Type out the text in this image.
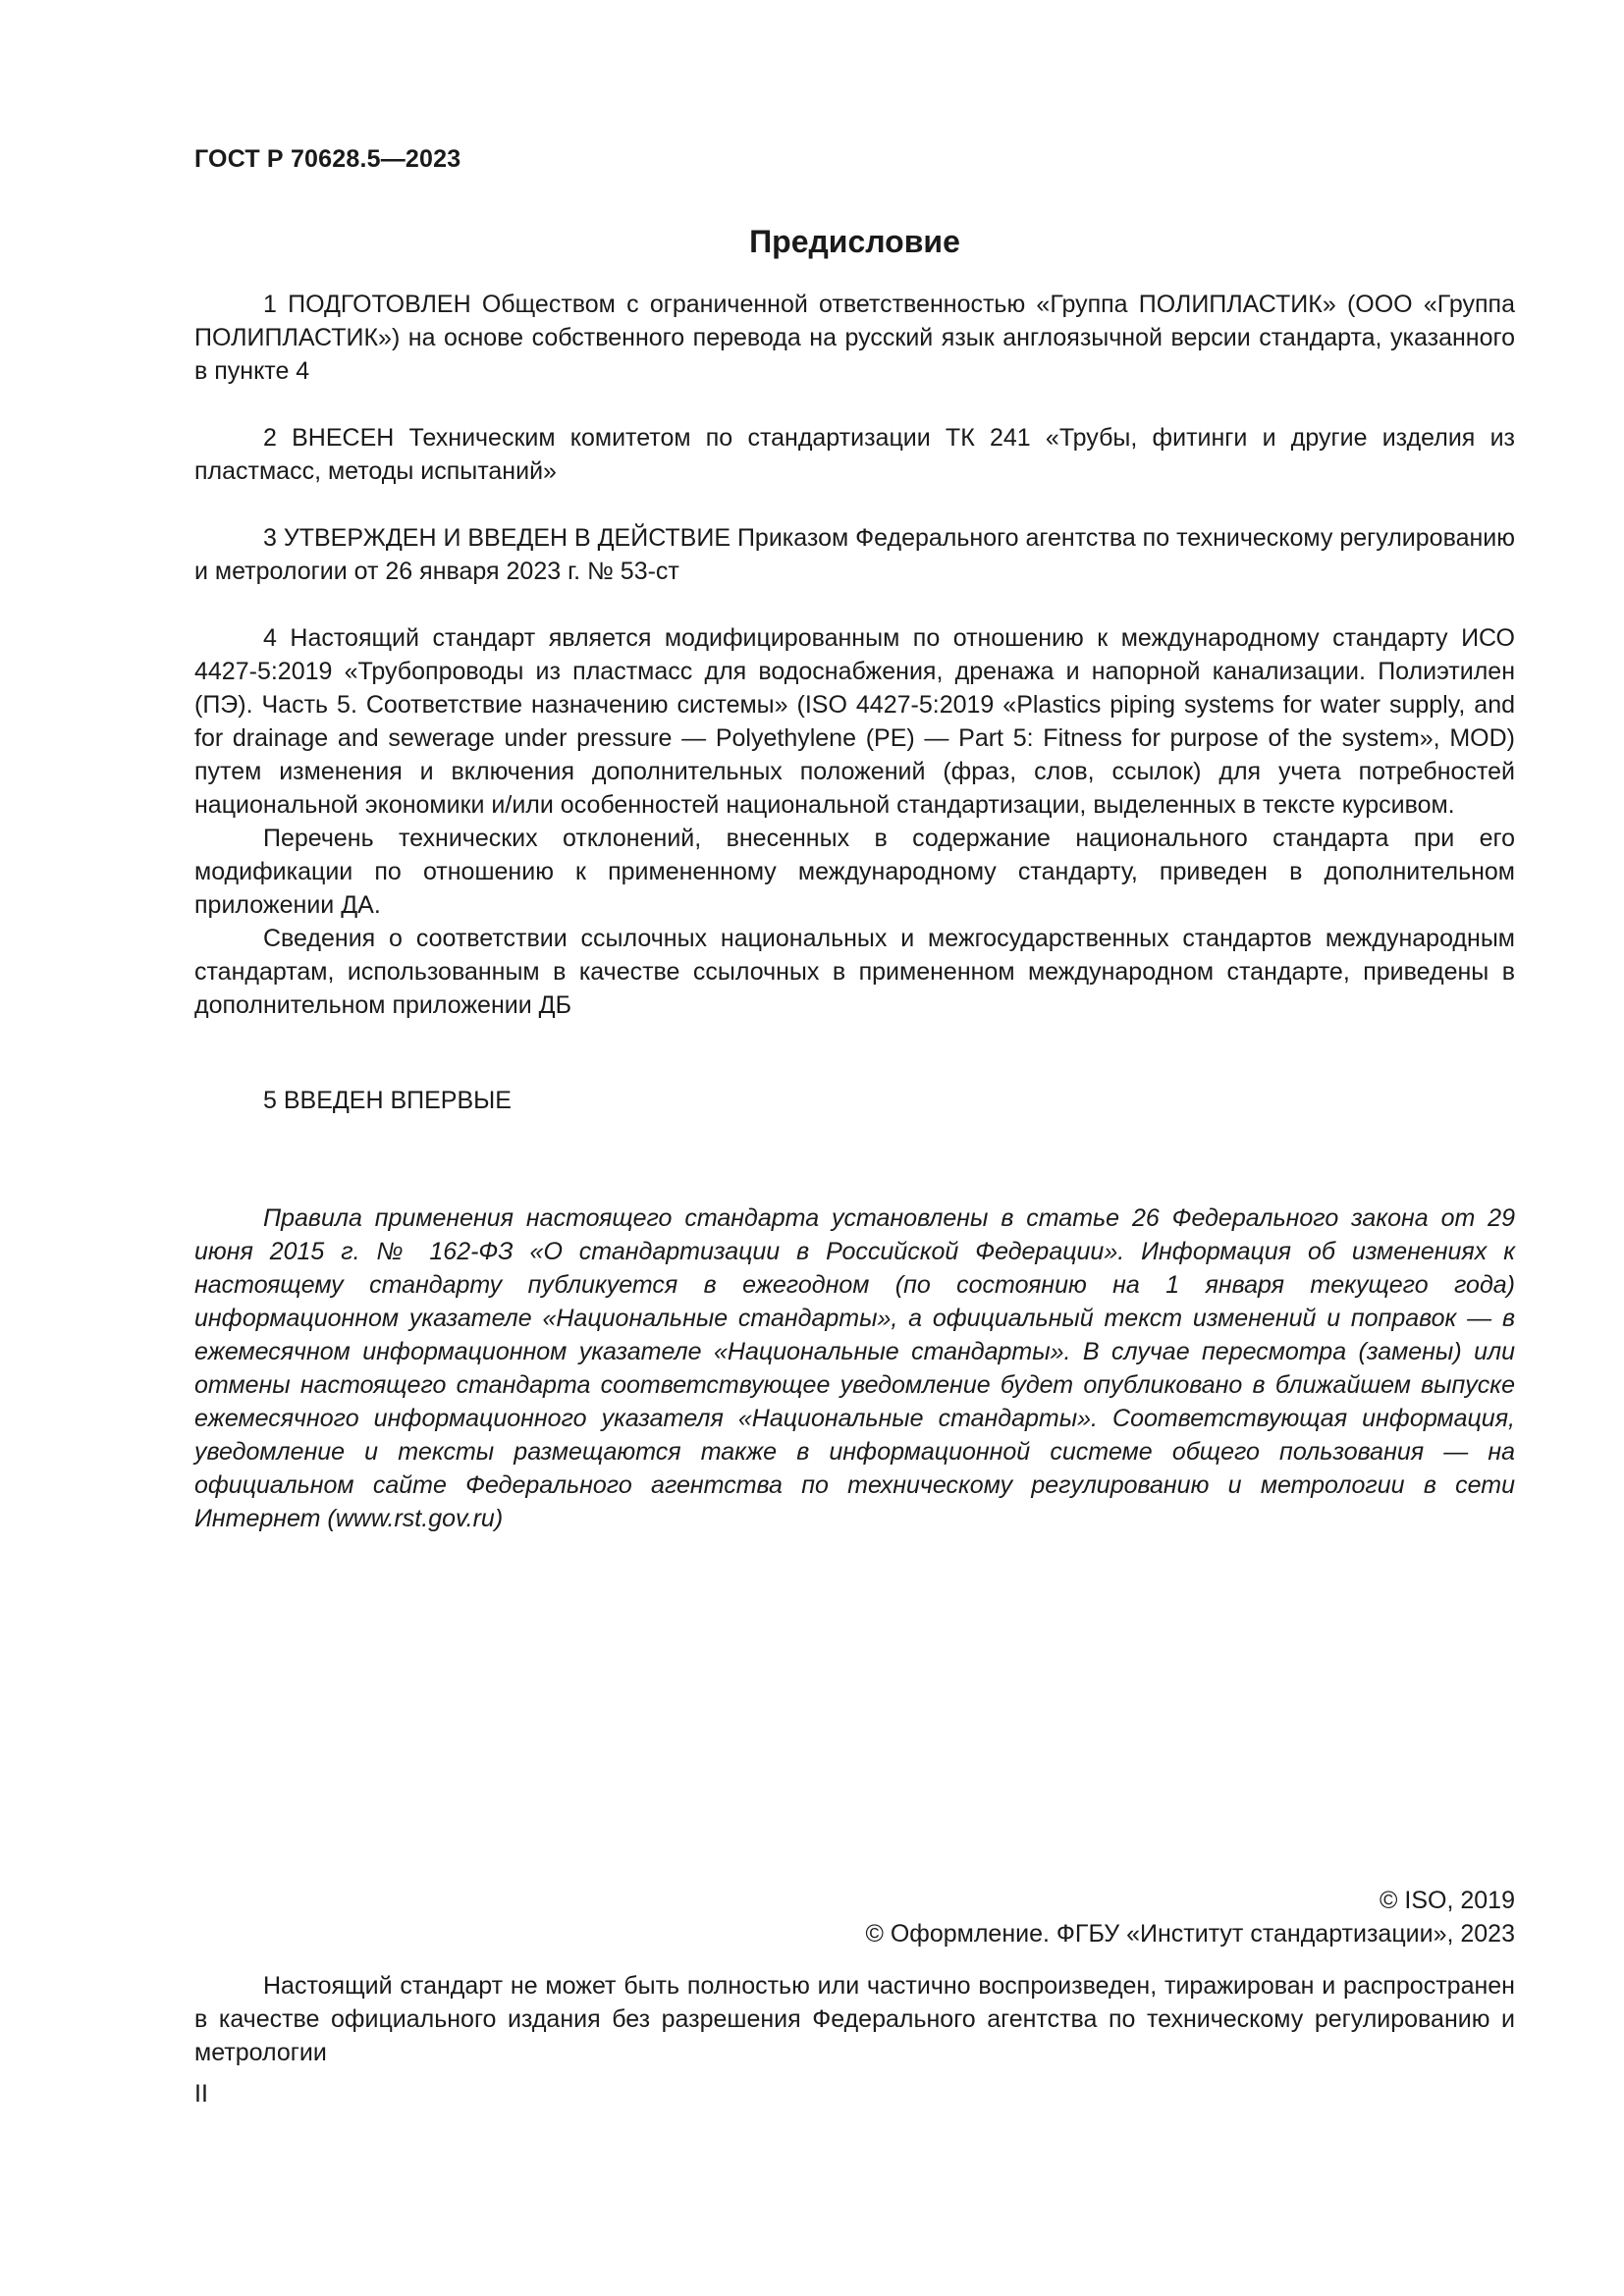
ГОСТ Р 70628.5—2023
Предисловие

1 ПОДГОТОВЛЕН Обществом с ограниченной ответственностью «Группа ПОЛИПЛАСТИК» (ООО «Группа ПОЛИПЛАСТИК») на основе собственного перевода на русский язык англоязычной версии стандарта, указанного в пункте 4

2 ВНЕСЕН Техническим комитетом по стандартизации ТК 241 «Трубы, фитинги и другие изделия из пластмасс, методы испытаний»

3 УТВЕРЖДЕН И ВВЕДЕН В ДЕЙСТВИЕ Приказом Федерального агентства по техническому регулированию и метрологии от 26 января 2023 г. № 53-ст

4 Настоящий стандарт является модифицированным по отношению к международному стандарту ИСО 4427-5:2019 «Трубопроводы из пластмасс для водоснабжения, дренажа и напорной канализации. Полиэтилен (ПЭ). Часть 5. Соответствие назначению системы» (ISO 4427-5:2019 «Plastics piping systems for water supply, and for drainage and sewerage under pressure — Polyethylene (PE) — Part 5: Fitness for purpose of the system», MOD) путем изменения и включения дополнительных положений (фраз, слов, ссылок) для учета потребностей национальной экономики и/или особенностей национальной стандартизации, выделенных в тексте курсивом.

Перечень технических отклонений, внесенных в содержание национального стандарта при его модификации по отношению к примененному международному стандарту, приведен в дополнительном приложении ДА.

Сведения о соответствии ссылочных национальных и межгосударственных стандартов международным стандартам, использованным в качестве ссылочных в примененном международном стандарте, приведены в дополнительном приложении ДБ

5 ВВЕДЕН ВПЕРВЫЕ

Правила применения настоящего стандарта установлены в статье 26 Федерального закона от 29 июня 2015 г. № 162-ФЗ «О стандартизации в Российской Федерации». Информация об изменениях к настоящему стандарту публикуется в ежегодном (по состоянию на 1 января текущего года) информационном указателе «Национальные стандарты», а официальный текст изменений и поправок — в ежемесячном информационном указателе «Национальные стандарты». В случае пересмотра (замены) или отмены настоящего стандарта соответствующее уведомление будет опубликовано в ближайшем выпуске ежемесячного информационного указателя «Национальные стандарты». Соответствующая информация, уведомление и тексты размещаются также в информационной системе общего пользования — на официальном сайте Федерального агентства по техническому регулированию и метрологии в сети Интернет (www.rst.gov.ru)

© ISO, 2019
© Оформление. ФГБУ «Институт стандартизации», 2023

Настоящий стандарт не может быть полностью или частично воспроизведен, тиражирован и распространен в качестве официального издания без разрешения Федерального агентства по техническому регулированию и метрологии

II
